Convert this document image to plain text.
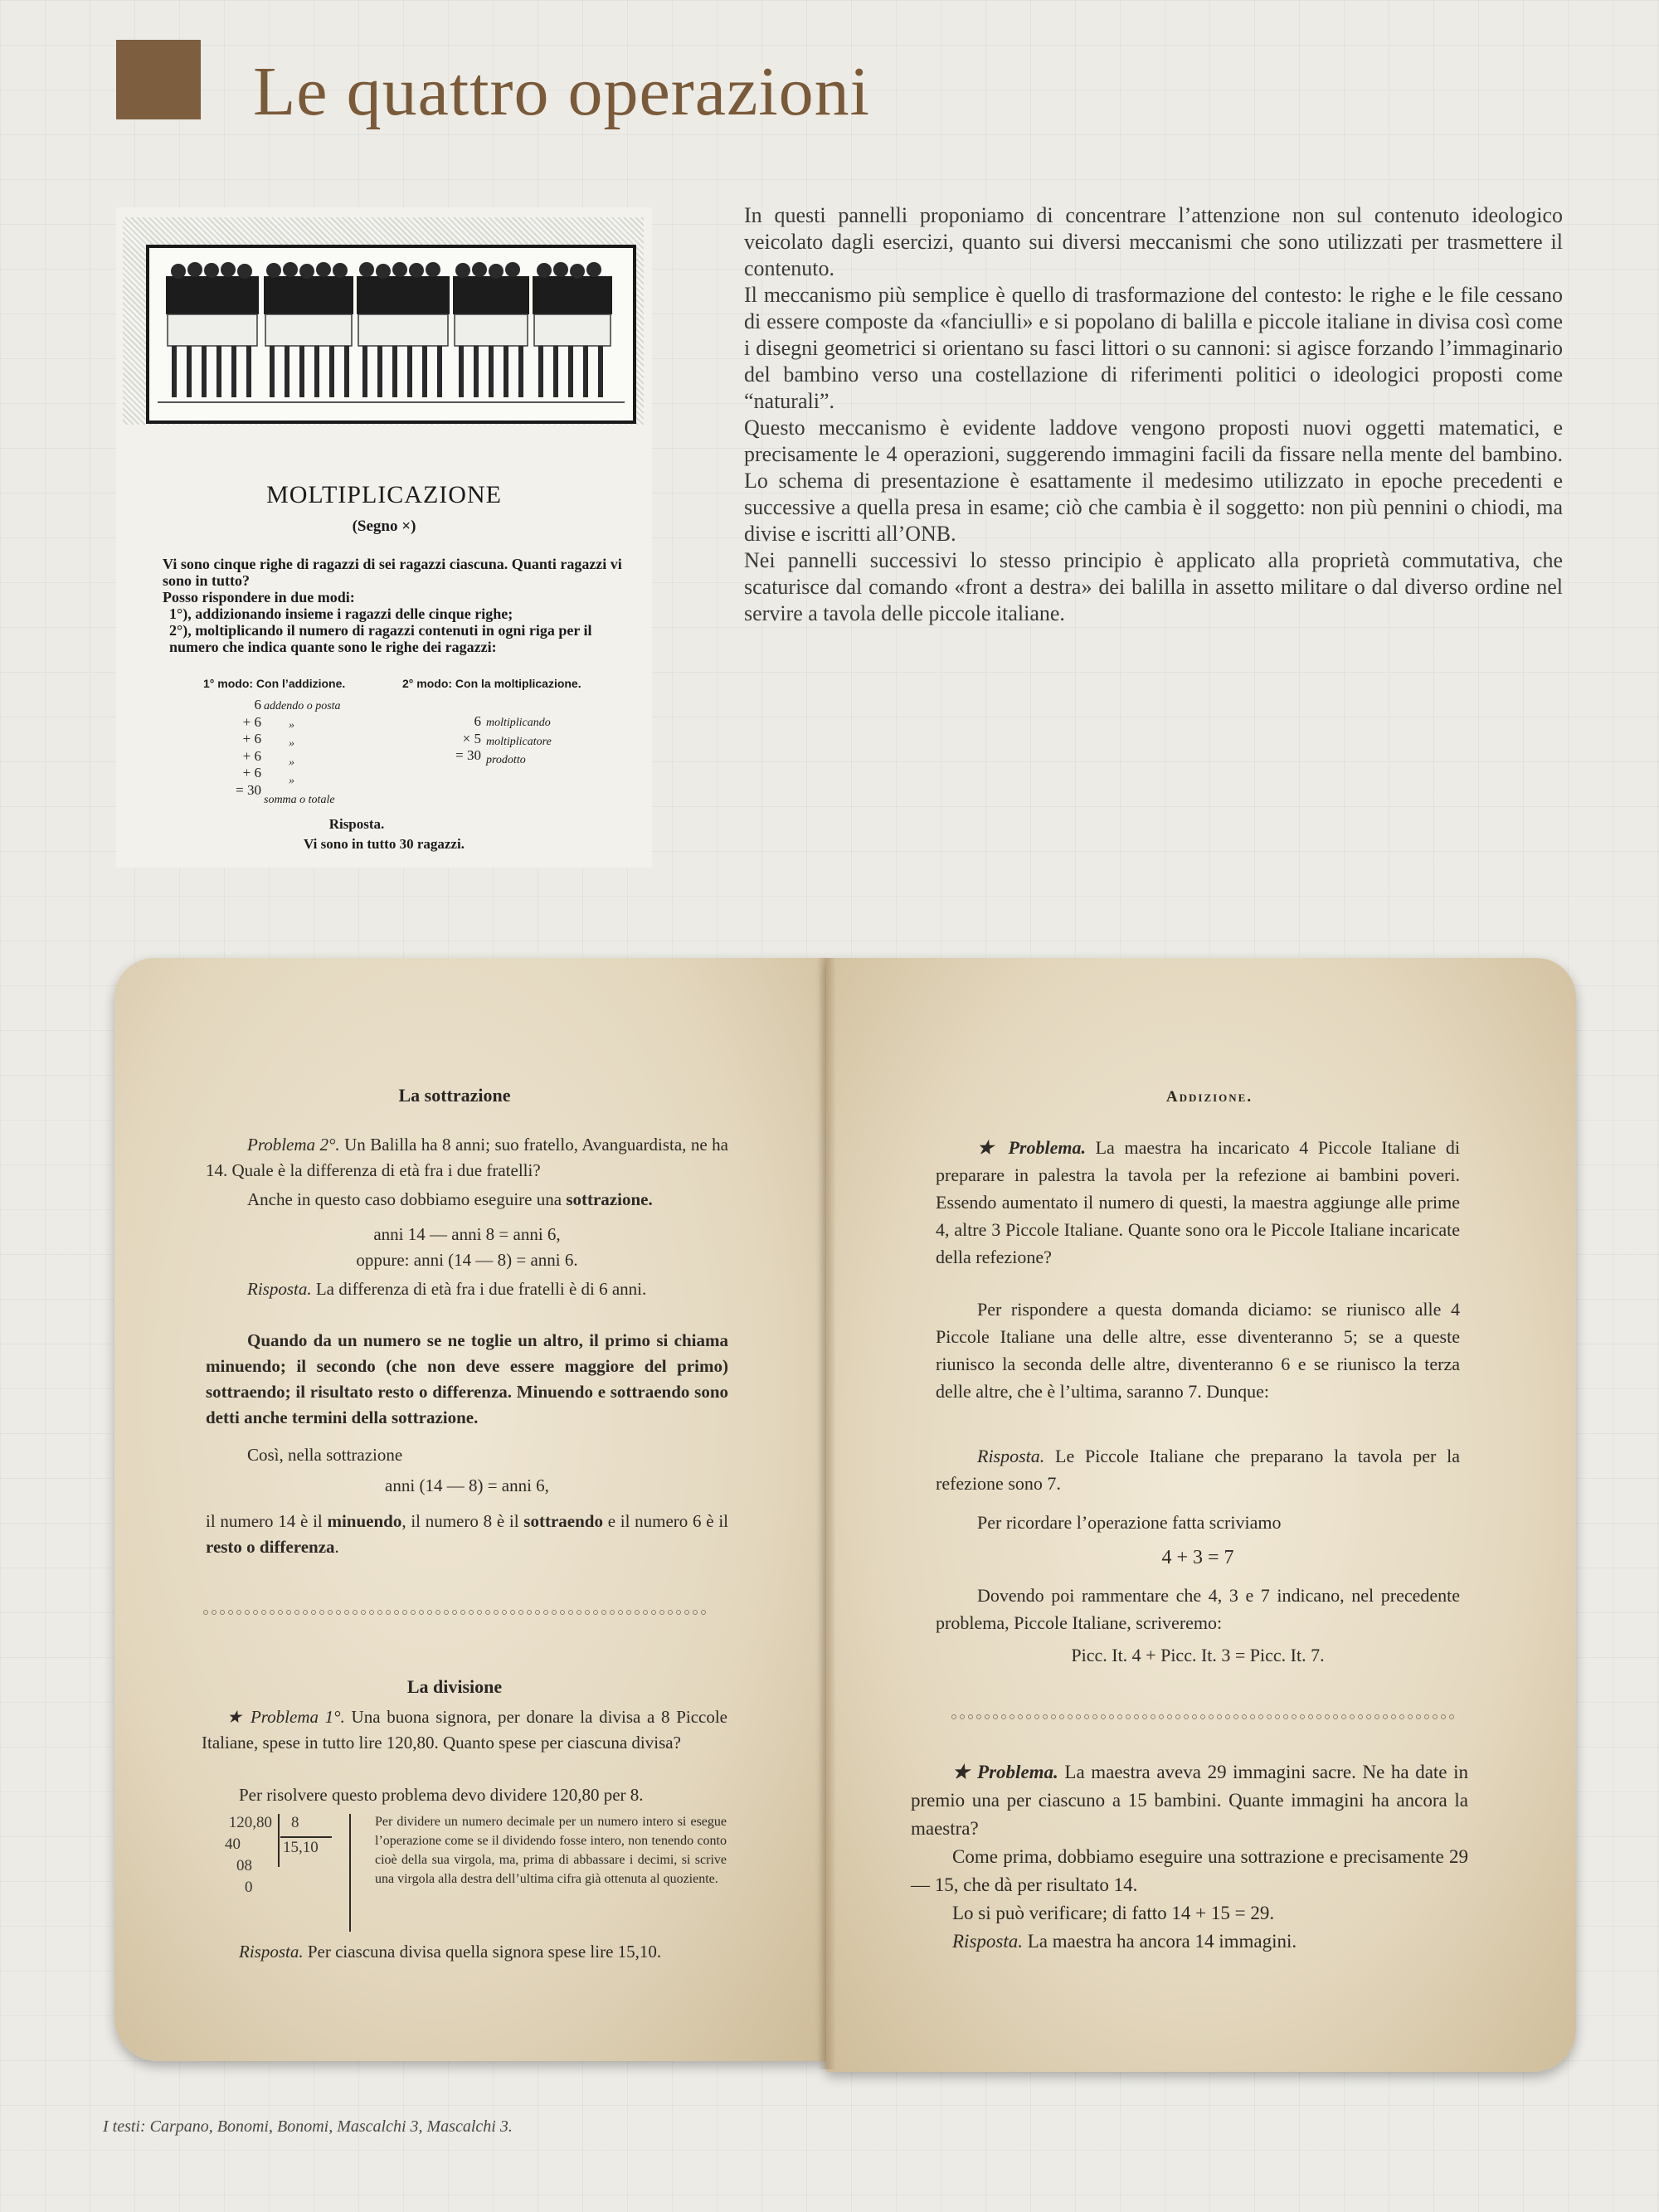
Le quattro operazioni

In questi pannelli proponiamo di concentrare l’attenzione non sul contenuto ideologico veicolato dagli esercizi, quanto sui diversi meccanismi che sono utilizzati per trasmettere il contenuto.

Il meccanismo più semplice è quello di trasformazione del contesto: le righe e le file cessano di essere composte da «fanciulli» e si popolano di balilla e piccole italiane in divisa così come i disegni geometrici si orientano su fasci littori o su cannoni: si agisce forzando l’immaginario del bambino verso una costellazione di riferimenti politici o ideologici proposti come “naturali”.

Questo meccanismo è evidente laddove vengono proposti nuovi oggetti matematici, e precisamente le 4 operazioni, suggerendo immagini facili da fissare nella mente del bambino. Lo schema di presentazione è esattamente il medesimo utilizzato in epoche precedenti e successive a quella presa in esame; ciò che cambia è il soggetto: non più pennini o chiodi, ma divise e iscritti all’ONB.

Nei pannelli successivi lo stesso principio è applicato alla proprietà commutativa, che scaturisce dal comando «front a destra» dei balilla in assetto militare o dal diverso ordine nel servire a tavola delle piccole italiane.

MOLTIPLICAZIONE
(Segno ×)

Vi sono cinque righe di ragazzi di sei ragazzi ciascuna. Quanti ragazzi vi sono in tutto?

Posso rispondere in due modi:

1°), addizionando insieme i ragazzi delle cinque righe;

2°), moltiplicando il numero di ragazzi contenuti in ogni riga per il numero che indica quante sono le righe dei ragazzi:

1° modo: Con l’addizione.	2° modo: Con la moltiplicazione.
6
+ 6
+ 6
+ 6
+ 6
= 30
addendo o posta
»
»
»
»
somma o totale
6
× 5
= 30
moltiplicando
moltiplicatore
prodotto
Risposta.
Vi sono in tutto 30 ragazzi.
La sottrazione

Problema 2°. Un Balilla ha 8 anni; suo fratello, Avanguardista, ne ha 14. Quale è la differenza di età fra i due fratelli?

Anche in questo caso dobbiamo eseguire una sottrazione.

anni 14 — anni 8 = anni 6,

oppure: anni (14 — 8) = anni 6.

Risposta. La differenza di età fra i due fratelli è di 6 anni.

Quando da un numero se ne toglie un altro, il primo si chiama minuendo; il secondo (che non deve essere maggiore del primo) sottraendo; il risultato resto o differenza. Minuendo e sottraendo sono detti anche termini della sottrazione.

Così, nella sottrazione

anni (14 — 8) = anni 6,

il numero 14 è il minuendo, il numero 8 è il sottraendo e il numero 6 è il resto o differenza.

La divisione

★ Problema 1°. Una buona signora, per donare la divisa a 8 Piccole Italiane, spese in tutto lire 120,80. Quanto spese per ciascuna divisa?

Per risolvere questo problema devo dividere 120,80 per 8.

120,80
40
08
0
8
15,10
Per dividere un numero decimale per un numero intero si esegue l’operazione come se il dividendo fosse intero, non tenendo conto cioè della sua virgola, ma, prima di abbassare i decimi, si scrive una virgola alla destra dell’ultima cifra già ottenuta al quoziente.

Risposta. Per ciascuna divisa quella signora spese lire 15,10.

Addizione.

★ Problema. La maestra ha incaricato 4 Piccole Italiane di preparare in palestra la tavola per la refezione ai bambini poveri. Essendo aumentato il numero di questi, la maestra aggiunge alle prime 4, altre 3 Piccole Italiane. Quante sono ora le Piccole Italiane incaricate della refezione?

Per rispondere a questa domanda diciamo: se riunisco alle 4 Piccole Italiane una delle altre, esse diventeranno 5; se a queste riunisco la seconda delle altre, diventeranno 6 e se riunisco la terza delle altre, che è l’ultima, saranno 7. Dunque:

Risposta. Le Piccole Italiane che preparano la tavola per la refezione sono 7.

Per ricordare l’operazione fatta scriviamo

4 + 3 = 7

Dovendo poi rammentare che 4, 3 e 7 indicano, nel precedente problema, Piccole Italiane, scriveremo:

Picc. It. 4 + Picc. It. 3 = Picc. It. 7.

★ Problema. La maestra aveva 29 immagini sacre. Ne ha date in premio una per ciascuno a 15 bambini. Quante immagini ha ancora la maestra?

Come prima, dobbiamo eseguire una sottrazione e precisamente 29 — 15, che dà per risultato 14.

Lo si può verificare; di fatto 14 + 15 = 29.

Risposta. La maestra ha ancora 14 immagini.

I testi: Carpano, Bonomi, Bonomi, Mascalchi 3, Mascalchi 3.
